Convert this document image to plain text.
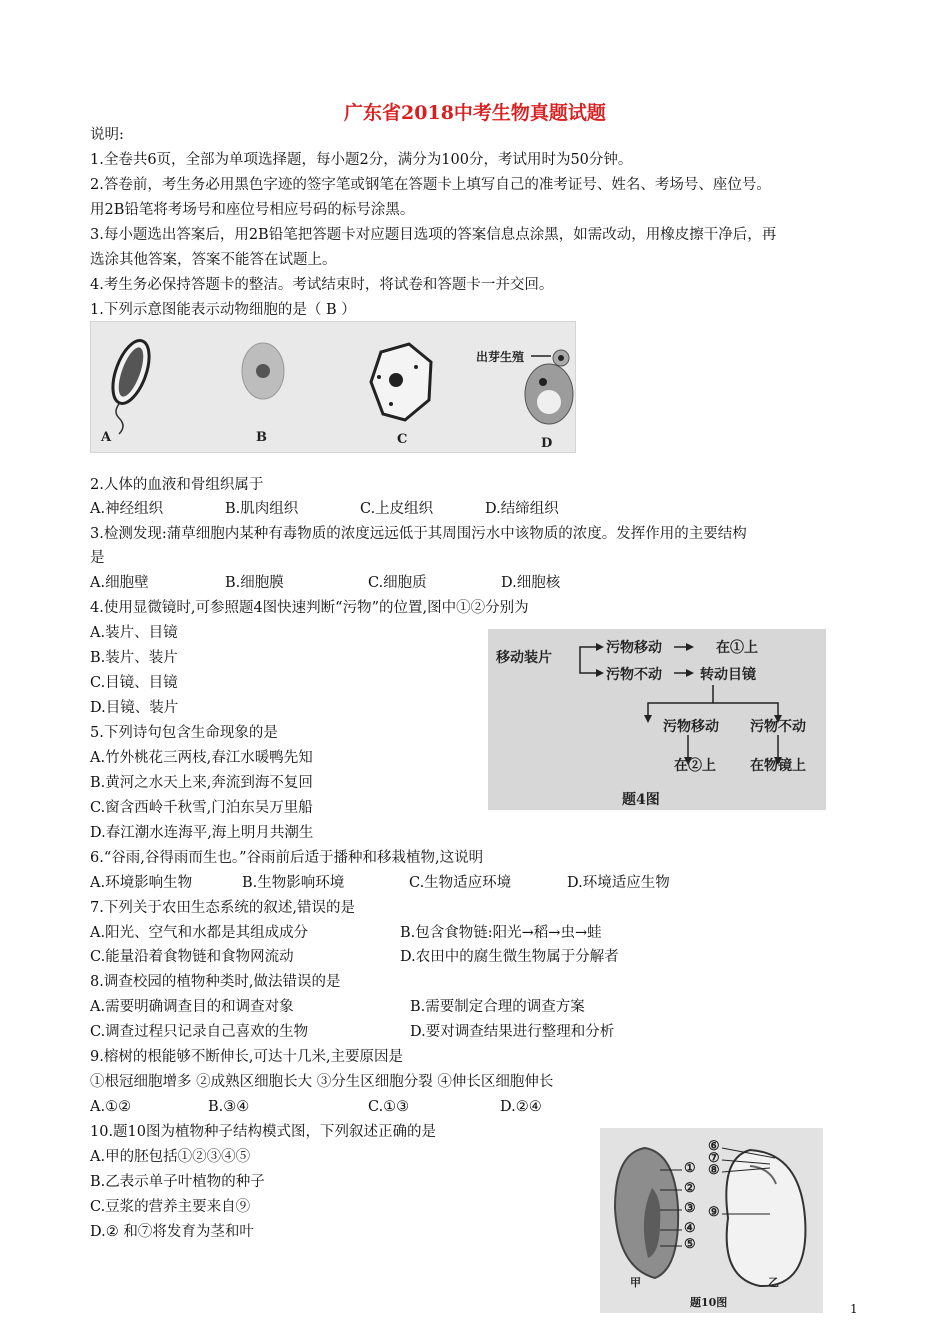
广东省2018中考生物真题试题
说明:
1.全卷共6页，全部为单项选择题，每小题2分，满分为100分，考试用时为50分钟。
2.答卷前，考生务必用黑色字迹的签字笔或钢笔在答题卡上填写自己的准考证号、姓名、考场号、座位号。
用2B铅笔将考场号和座位号相应号码的标号涂黑。
3.每小题选出答案后，用2B铅笔把答题卡对应题目选项的答案信息点涂黑，如需改动，用橡皮擦干净后，再
选涂其他答案，答案不能答在试题上。
4.考生务必保持答题卡的整洁。考试结束时，将试卷和答题卡一并交回。
1.下列示意图能表示动物细胞的是（ B ）
A	B	C	D
出芽生殖
2.人体的血液和骨组织属于
A.神经组织	B.肌肉组织	C.上皮组织	D.结缔组织
3.检测发现:蒲草细胞内某种有毒物质的浓度远远低于其周围污水中该物质的浓度。发挥作用的主要结构
是
A.细胞壁	B.细胞膜	C.细胞质	D.细胞核
4.使用显微镜时,可参照题4图快速判断“污物”的位置,图中①②分别为
A.装片、目镜
B.装片、装片
C.目镜、目镜
D.目镜、装片
移动装片
污物移动	在①上
污物不动	转动目镜
污物移动 污物不动
在②上 在物镜上
题4图
5.下列诗句包含生命现象的是
A.竹外桃花三两枝,春江水暖鸭先知
B.黄河之水天上来,奔流到海不复回
C.窗含西岭千秋雪,门泊东吴万里船
D.春江潮水连海平,海上明月共潮生
6.“谷雨,谷得雨而生也。”谷雨前后适于播种和移栽植物,这说明
A.环境影响生物	B.生物影响环境	C.生物适应环境	D.环境适应生物
7.下列关于农田生态系统的叙述,错误的是
A.阳光、空气和水都是其组成成分	B.包含食物链:阳光→稻→虫→蛙
C.能量沿着食物链和食物网流动	D.农田中的腐生微生物属于分解者
8.调查校园的植物种类时,做法错误的是
A.需要明确调查目的和调查对象	B.需要制定合理的调查方案
C.调查过程只记录自己喜欢的生物	D.要对调查结果进行整理和分析
9.榕树的根能够不断伸长,可达十几米,主要原因是
①根冠细胞增多 ②成熟区细胞长大 ③分生区细胞分裂 ④伸长区细胞伸长
A.①②	B.③④	C.①③	D.②④
10.题10图为植物种子结构模式图，下列叙述正确的是
A.甲的胚包括①②③④⑤
B.乙表示单子叶植物的种子
C.豆浆的营养主要来自⑨
D.② 和⑦将发育为茎和叶
①
②
③
④
⑤
⑥
⑦
⑧
⑨
甲	乙
题10图	1
